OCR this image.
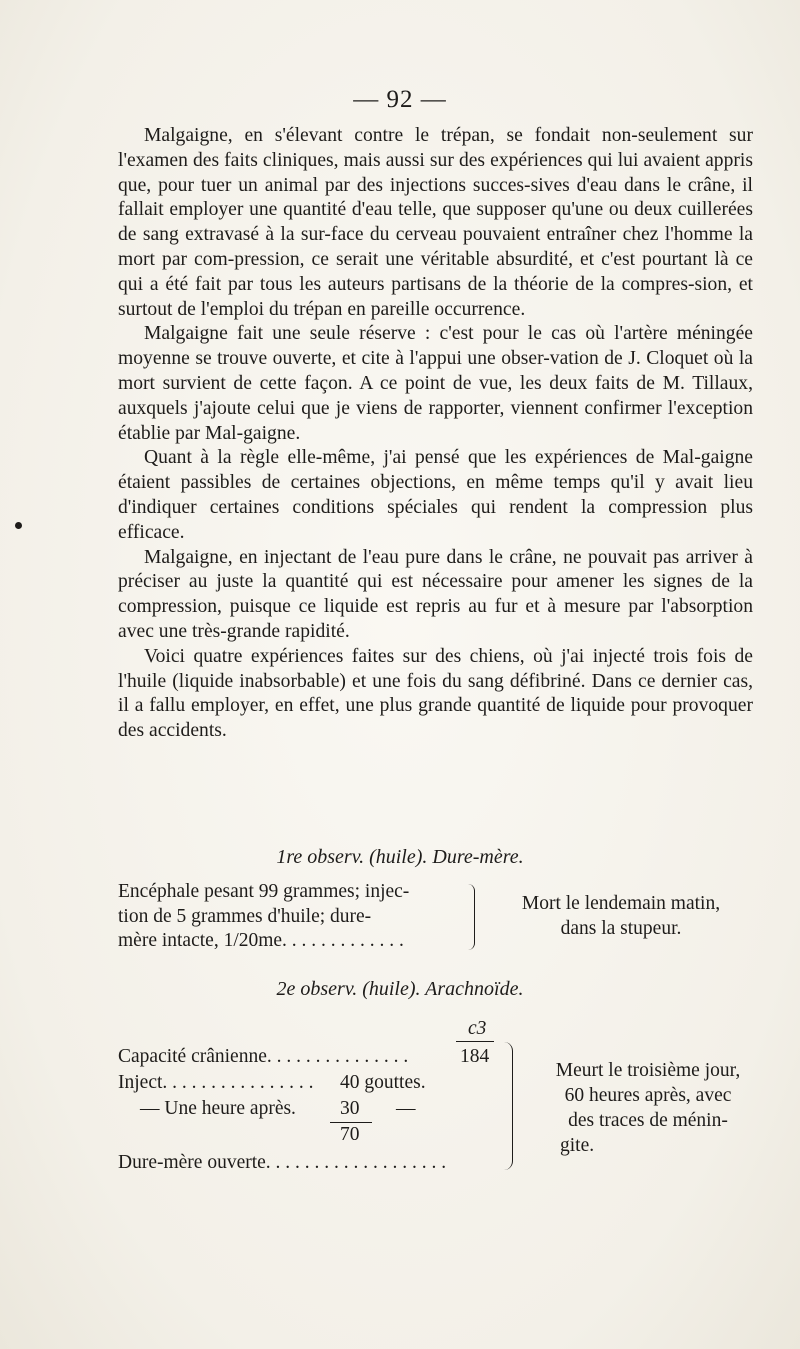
— 92 —

Malgaigne, en s'élevant contre le trépan, se fondait non-seulement sur l'examen des faits cliniques, mais aussi sur des expériences qui lui avaient appris que, pour tuer un animal par des injections succes-sives d'eau dans le crâne, il fallait employer une quantité d'eau telle, que supposer qu'une ou deux cuillerées de sang extravasé à la sur-face du cerveau pouvaient entraîner chez l'homme la mort par com-pression, ce serait une véritable absurdité, et c'est pourtant là ce qui a été fait par tous les auteurs partisans de la théorie de la compres-sion, et surtout de l'emploi du trépan en pareille occurrence.

Malgaigne fait une seule réserve : c'est pour le cas où l'artère méningée moyenne se trouve ouverte, et cite à l'appui une obser-vation de J. Cloquet où la mort survient de cette façon. A ce point de vue, les deux faits de M. Tillaux, auxquels j'ajoute celui que je viens de rapporter, viennent confirmer l'exception établie par Mal-gaigne.

Quant à la règle elle-même, j'ai pensé que les expériences de Mal-gaigne étaient passibles de certaines objections, en même temps qu'il y avait lieu d'indiquer certaines conditions spéciales qui rendent la compression plus efficace.

Malgaigne, en injectant de l'eau pure dans le crâne, ne pouvait pas arriver à préciser au juste la quantité qui est nécessaire pour amener les signes de la compression, puisque ce liquide est repris au fur et à mesure par l'absorption avec une très-grande rapidité.

Voici quatre expériences faites sur des chiens, où j'ai injecté trois fois de l'huile (liquide inabsorbable) et une fois du sang défibriné. Dans ce dernier cas, il a fallu employer, en effet, une plus grande quantité de liquide pour provoquer des accidents.

1re observ. (huile). Dure-mère.
Encéphale pesant 99 grammes; injec-
tion de 5 grammes d'huile; dure-
mère intacte, 1/20me. . . . . . . . . . . . .
Mort le lendemain matin,
dans la stupeur.
2e observ. (huile). Arachnoïde.
c3
Capacité crânienne. . . . . . . . . . . . . . .	184
Inject. . . . . . . . . . . . . . . . 40 gouttes.
— Une heure après. 30 —
70
Dure-mère ouverte. . . . . . . . . . . . . . . . . . .
Meurt le troisième jour,
60 heures après, avec
des traces de ménin-
gite.
